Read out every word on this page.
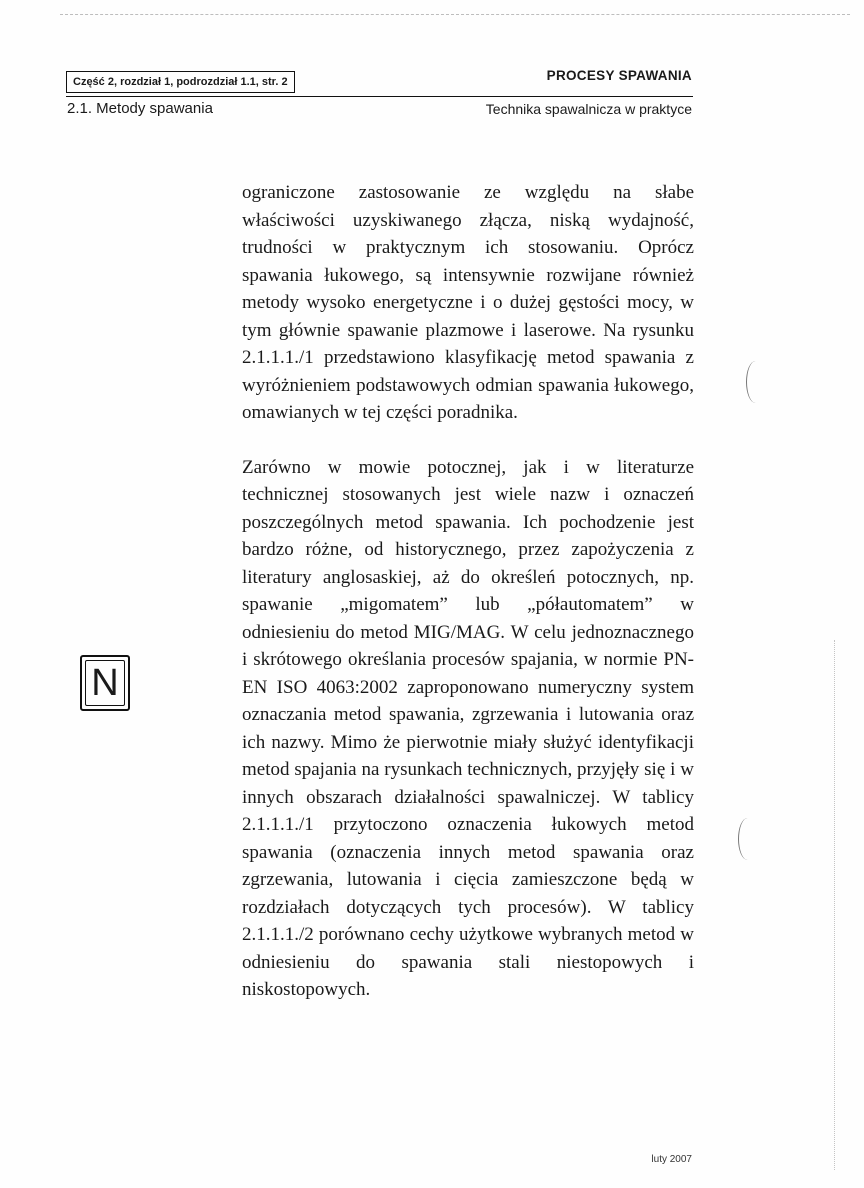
Część 2, rozdział 1, podrozdział 1.1, str. 2	PROCESY SPAWANIA
2.1. Metody spawania	Technika spawalnicza w praktyce

ograniczone zastosowanie ze względu na słabe właściwości uzyskiwanego złącza, niską wydajność, trudności w praktycznym ich stosowaniu. Oprócz spawania łukowego, są intensywnie rozwijane również metody wysoko energetyczne i o dużej gęstości mocy, w tym głównie spawanie plazmowe i laserowe. Na rysunku 2.1.1.1./1 przedstawiono klasyfikację metod spawania z wyróżnieniem podstawowych odmian spawania łukowego, omawianych w tej części poradnika.

Zarówno w mowie potocznej, jak i w literaturze technicznej stosowanych jest wiele nazw i oznaczeń poszczególnych metod spawania. Ich pochodzenie jest bardzo różne, od historycznego, przez zapożyczenia z literatury anglosaskiej, aż do określeń potocznych, np. spawanie „migomatem” lub „półautomatem” w odniesieniu do metod MIG/MAG. W celu jednoznacznego i skrótowego określania procesów spajania, w normie PN-EN ISO 4063:2002 zaproponowano numeryczny system oznaczania metod spawania, zgrzewania i lutowania oraz ich nazwy. Mimo że pierwotnie miały służyć identyfikacji metod spajania na rysunkach technicznych, przyjęły się i w innych obszarach działalności spawalniczej. W tablicy 2.1.1.1./1 przytoczono oznaczenia łukowych metod spawania (oznaczenia innych metod spawania oraz zgrzewania, lutowania i cięcia zamieszczone będą w rozdziałach dotyczących tych procesów). W tablicy 2.1.1.1./2 porównano cechy użytkowe wybranych metod w odniesieniu do spawania stali niestopowych i niskostopowych.

N
luty 2007
